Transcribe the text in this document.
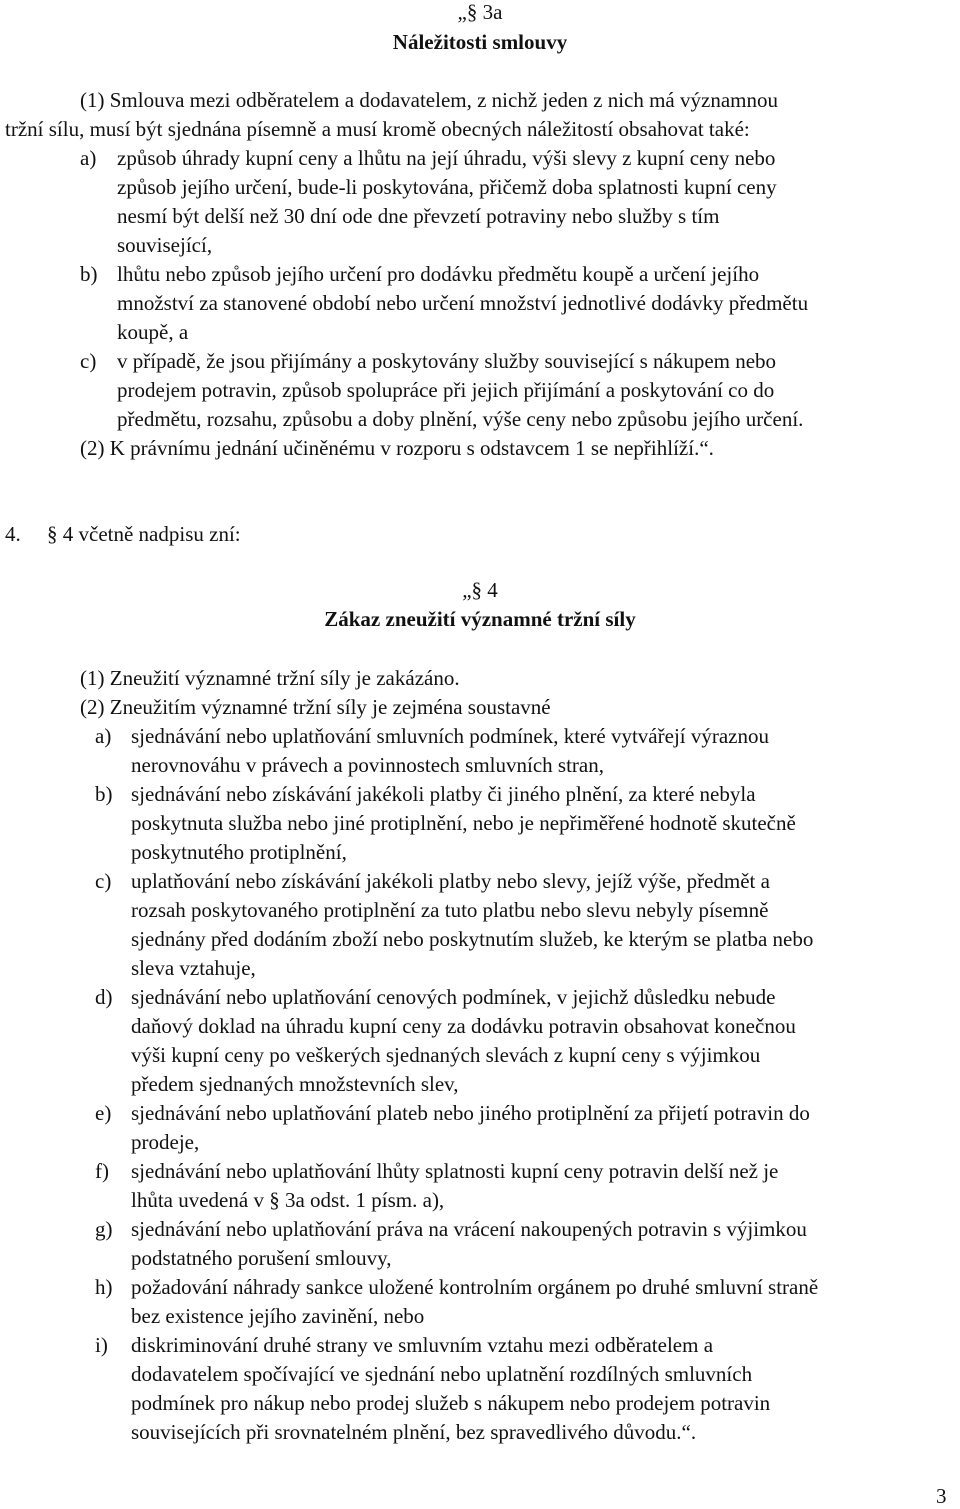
„§ 3a
Náležitosti smlouvy
(1) Smlouva mezi odběratelem a dodavatelem, z nichž jeden z nich má významnou
tržní sílu, musí být sjednána písemně a musí kromě obecných náležitostí obsahovat také:
a) způsob úhrady kupní ceny a lhůtu na její úhradu, výši slevy z kupní ceny nebo
způsob jejího určení, bude-li poskytována, přičemž doba splatnosti kupní ceny
nesmí být delší než 30 dní ode dne převzetí potraviny nebo služby s tím
související,
b) lhůtu nebo způsob jejího určení pro dodávku předmětu koupě a určení jejího
množství za stanovené období nebo určení množství jednotlivé dodávky předmětu
koupě, a
c) v případě, že jsou přijímány a poskytovány služby související s nákupem nebo
prodejem potravin, způsob spolupráce při jejich přijímání a poskytování co do
předmětu, rozsahu, způsobu a doby plnění, výše ceny nebo způsobu jejího určení.
(2) K právnímu jednání učiněnému v rozporu s odstavcem 1 se nepřihlíží.“.
4. § 4 včetně nadpisu zní:
„§ 4
Zákaz zneužití významné tržní síly
(1) Zneužití významné tržní síly je zakázáno.
(2) Zneužitím významné tržní síly je zejména soustavné
a) sjednávání nebo uplatňování smluvních podmínek, které vytvářejí výraznou
nerovnováhu v právech a povinnostech smluvních stran,
b) sjednávání nebo získávání jakékoli platby či jiného plnění, za které nebyla
poskytnuta služba nebo jiné protiplnění, nebo je nepřiměřené hodnotě skutečně
poskytnutého protiplnění,
c) uplatňování nebo získávání jakékoli platby nebo slevy, jejíž výše, předmět a
rozsah poskytovaného protiplnění za tuto platbu nebo slevu nebyly písemně
sjednány před dodáním zboží nebo poskytnutím služeb, ke kterým se platba nebo
sleva vztahuje,
d) sjednávání nebo uplatňování cenových podmínek, v jejichž důsledku nebude
daňový doklad na úhradu kupní ceny za dodávku potravin obsahovat konečnou
výši kupní ceny po veškerých sjednaných slevách z kupní ceny s výjimkou
předem sjednaných množstevních slev,
e) sjednávání nebo uplatňování plateb nebo jiného protiplnění za přijetí potravin do
prodeje,
f) sjednávání nebo uplatňování lhůty splatnosti kupní ceny potravin delší než je
lhůta uvedená v § 3a odst. 1 písm. a),
g) sjednávání nebo uplatňování práva na vrácení nakoupených potravin s výjimkou
podstatného porušení smlouvy,
h) požadování náhrady sankce uložené kontrolním orgánem po druhé smluvní straně
bez existence jejího zavinění, nebo
i) diskriminování druhé strany ve smluvním vztahu mezi odběratelem a
dodavatelem spočívající ve sjednání nebo uplatnění rozdílných smluvních
podmínek pro nákup nebo prodej služeb s nákupem nebo prodejem potravin
souvisejících při srovnatelném plnění, bez spravedlivého důvodu.“.
3
